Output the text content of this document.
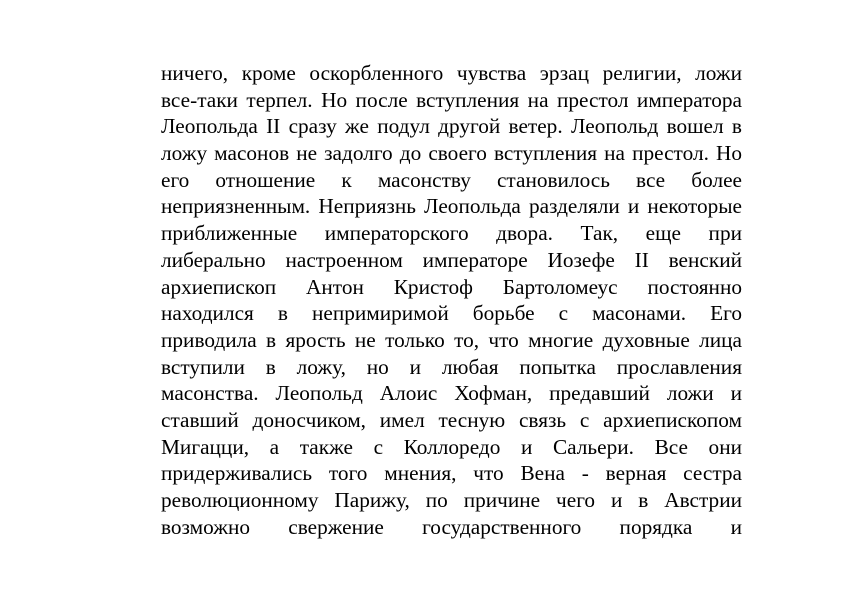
ничего, кроме оскорбленного чувства эрзац религии, ложи
все-таки терпел. Но после вступления на престол императора
Леопольда II сразу же подул другой ветер. Леопольд вошел в
ложу масонов не задолго до своего вступления на престол. Но
его отношение к масонству становилось все более
неприязненным. Неприязнь Леопольда разделяли и некоторые
приближенные императорского двора. Так, еще при
либерально настроенном императоре Иозефе II венский
архиепископ Антон Кристоф Бартоломеус постоянно
находился в непримиримой борьбе с масонами. Его
приводила в ярость не только то, что многие духовные лица
вступили в ложу, но и любая попытка прославления
масонства. Леопольд Алоис Хофман, предавший ложи и
ставший доносчиком, имел тесную связь с архиепископом
Мигацци, а также с Коллоредо и Сальери. Все они
придерживались того мнения, что Вена - верная сестра
революционному Парижу, по причине чего и в Австрии
возможно свержение государственного порядка и
